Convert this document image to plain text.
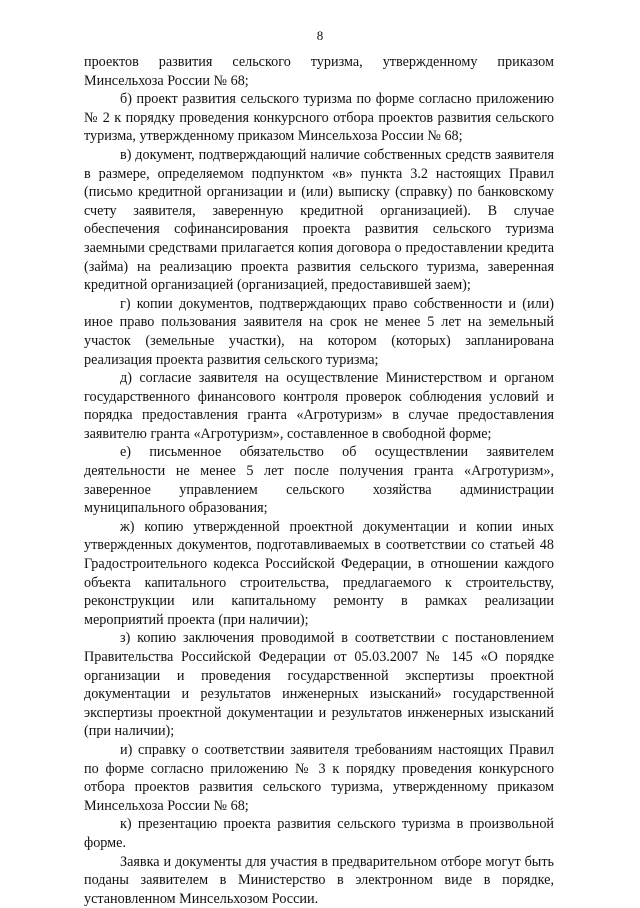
8

проектов развития сельского туризма, утвержденному приказом Минсельхоза России № 68;

б) проект развития сельского туризма по форме согласно приложению № 2 к порядку проведения конкурсного отбора проектов развития сельского туризма, утвержденному приказом Минсельхоза России № 68;

в) документ, подтверждающий наличие собственных средств заявителя в размере, определяемом подпунктом «в» пункта 3.2 настоящих Правил (письмо кредитной организации и (или) выписку (справку) по банковскому счету заявителя, заверенную кредитной организацией). В случае обеспечения софинансирования проекта развития сельского туризма заемными средствами прилагается копия договора о предоставлении кредита (займа) на реализацию проекта развития сельского туризма, заверенная кредитной организацией (организацией, предоставившей заем);

г) копии документов, подтверждающих право собственности и (или) иное право пользования заявителя на срок не менее 5 лет на земельный участок (земельные участки), на котором (которых) запланирована реализация проекта развития сельского туризма;

д) согласие заявителя на осуществление Министерством и органом государственного финансового контроля проверок соблюдения условий и порядка предоставления гранта «Агротуризм» в случае предоставления заявителю гранта «Агротуризм», составленное в свободной форме;

е) письменное обязательство об осуществлении заявителем деятельности не менее 5 лет после получения гранта «Агротуризм», заверенное управлением сельского хозяйства администрации муниципального образования;

ж) копию утвержденной проектной документации и копии иных утвержденных документов, подготавливаемых в соответствии со статьей 48 Градостроительного кодекса Российской Федерации, в отношении каждого объекта капитального строительства, предлагаемого к строительству, реконструкции или капитальному ремонту в рамках реализации мероприятий проекта (при наличии);

з) копию заключения проводимой в соответствии с постановлением Правительства Российской Федерации от 05.03.2007 № 145 «О порядке организации и проведения государственной экспертизы проектной документации и результатов инженерных изысканий» государственной экспертизы проектной документации и результатов инженерных изысканий (при наличии);

и) справку о соответствии заявителя требованиям настоящих Правил по форме согласно приложению № 3 к порядку проведения конкурсного отбора проектов развития сельского туризма, утвержденному приказом Минсельхоза России № 68;

к) презентацию проекта развития сельского туризма в произвольной форме.

Заявка и документы для участия в предварительном отборе могут быть поданы заявителем в Министерство в электронном виде в порядке, установленном Минсельхозом России.
